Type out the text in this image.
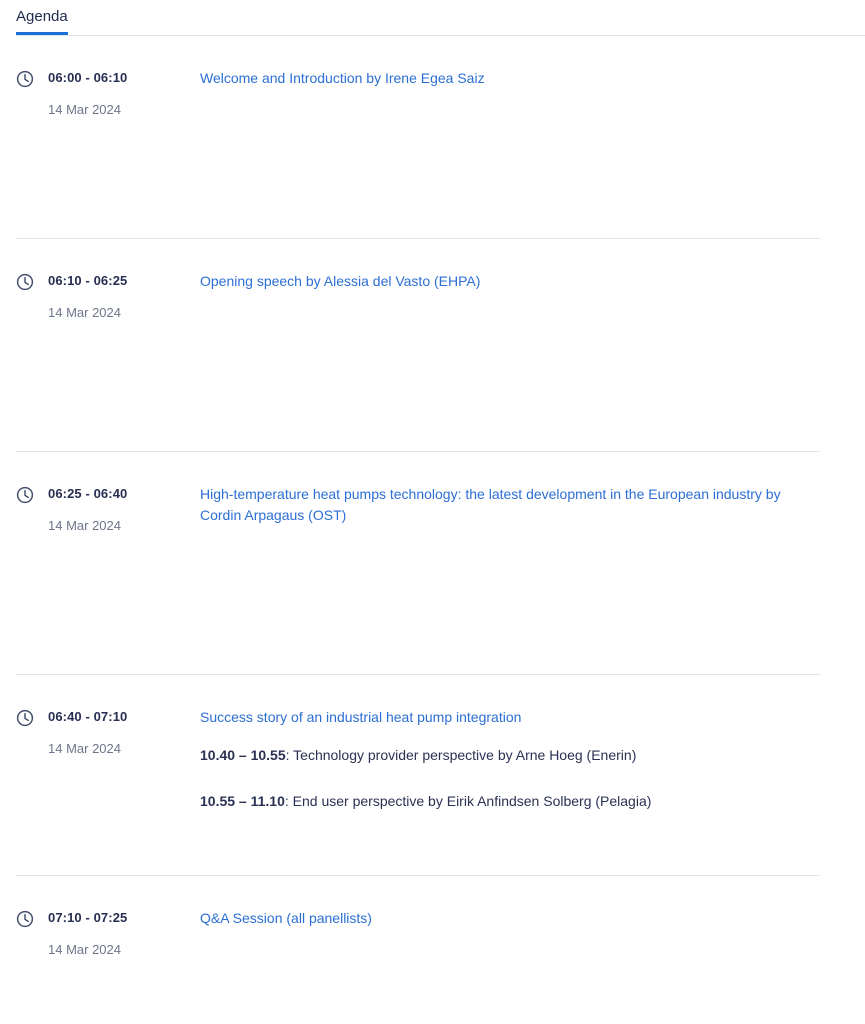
Agenda
06:00 - 06:10
14 Mar 2024
Welcome and Introduction by Irene Egea Saiz
06:10 - 06:25
14 Mar 2024
Opening speech by Alessia del Vasto (EHPA)
06:25 - 06:40
14 Mar 2024
High-temperature heat pumps technology: the latest development in the European industry by Cordin Arpagaus (OST)
06:40 - 07:10
14 Mar 2024
Success story of an industrial heat pump integration

10.40 – 10.55: Technology provider perspective by Arne Hoeg (Enerin)

10.55 – 11.10: End user perspective by Eirik Anfindsen Solberg (Pelagia)

07:10 - 07:25
14 Mar 2024
Q&A Session (all panellists)
